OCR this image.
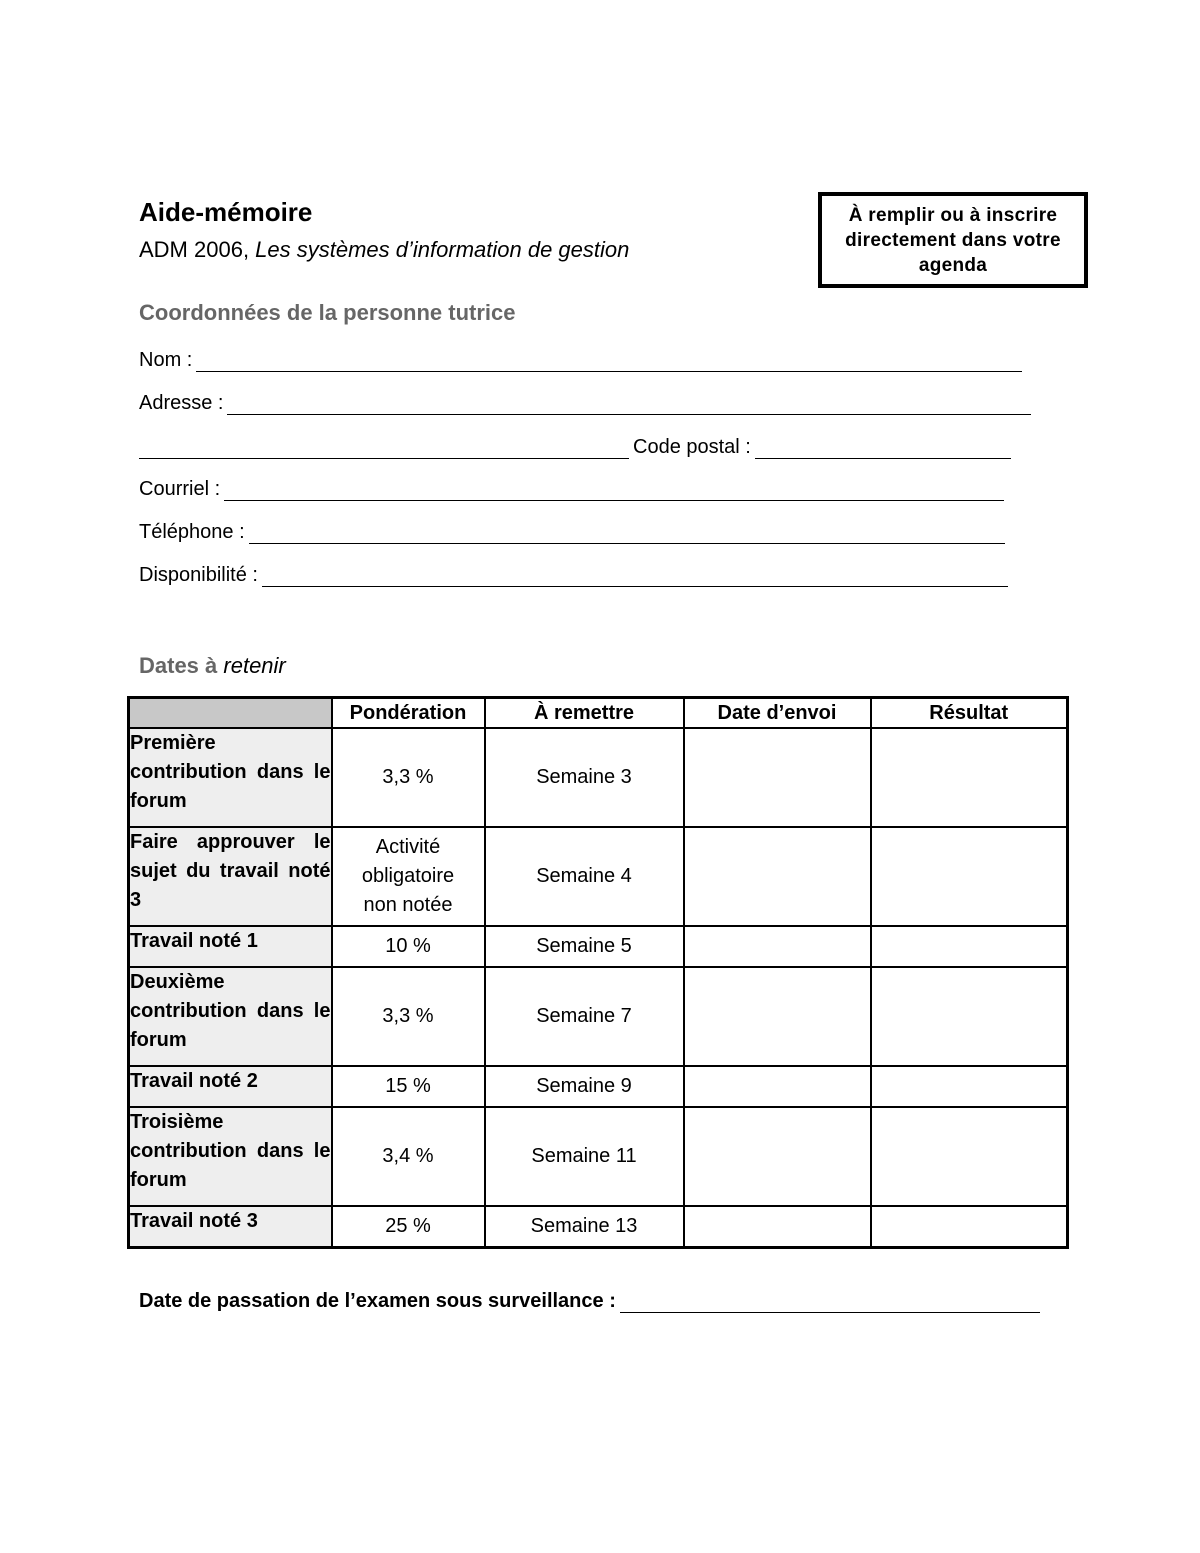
Aide-mémoire
ADM 2006, Les systèmes d’information de gestion
À remplir ou à inscrire directement dans votre agenda
Coordonnées de la personne tutrice
Nom :
Adresse :
Code postal :
Courriel :
Téléphone :
Disponibilité :
Dates à retenir
	Pondération	À remettre	Date d’envoi	Résultat
Première contribution dans le forum	3,3 %	Semaine 3		
Faire approuver le sujet du travail noté 3	Activité obligatoire non notée	Semaine 4		
Travail noté 1	10 %	Semaine 5		
Deuxième contribution dans le forum	3,3 %	Semaine 7		
Travail noté 2	15 %	Semaine 9		
Troisième contribution dans le forum	3,4 %	Semaine 11		
Travail noté 3	25 %	Semaine 13		
Date de passation de l’examen sous surveillance :
